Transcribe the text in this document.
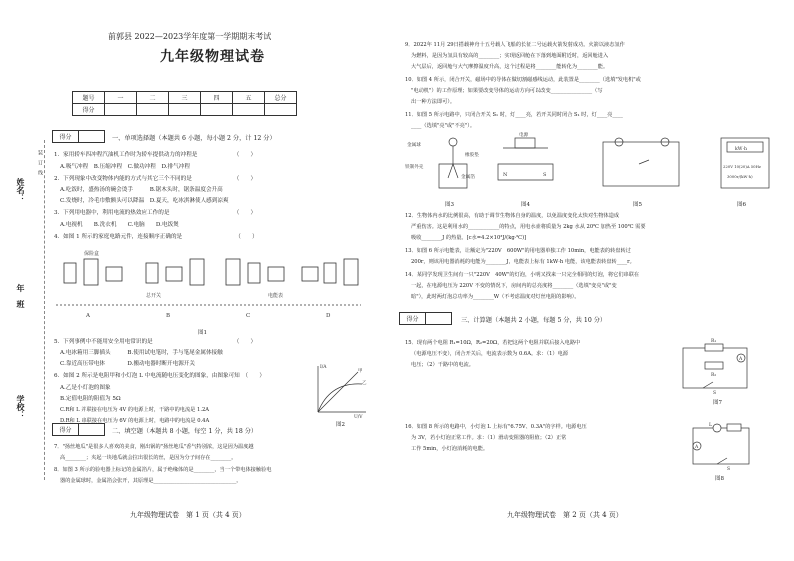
前郭县 2022—2023学年度第一学期期末考试
九年级物理试卷
题号	一	二	三	四	五	总分
得分						
姓名：
年　班
学校：
装　订　线
得分		一、单项选择题（本题共 6 小题，每小题 2 分，计 12 分）
1．家用轿车四冲程汽油机工作时为轿车提供动力的冲程是　　　　　　　（　　）
A.吸气冲程　B.压缩冲程　C.做功冲程　D.排气冲程
2．下列现象中改变物体内能的方式与其它三个不同的是　　　　　　　　（　　）
A.吃饭时，盛热汤的碗会烫手　　　B.锯木头时，锯条温度会升高
C.发烧时，冷毛巾敷额头可以降温　D.夏天，吃冰淇淋使人感到凉爽
3．下列用电器中，利用电流的热效应工作的是　　　　　　　　　　　　（　　）
A.电视机　　B.洗衣机　　C.电脑　　D.电饭煲
4．如图 1 所示的家庭电路元件，连接顺序正确的是　　　　　　　　　　（　　）
保险盒
总开关	电能表
A	B	C	D
图1
5．下列事例中不能用安全用电常识的是　　　　　　　　　　　　　　　（　　）
A.电冰箱用三脚插头　　　B.使用试电笔时，手与笔尾金属体接触
C.靠近高压带电体　　　　D.搬动电器时断开电源开关
6．如图 2 所示是电阻甲和小灯泡 L 中电流随电压变化的图象，由图象可知　（　　）
A.乙是小灯泡的图象
B.定值电阻的阻值为 5Ω
C.R和 L 并联接在电压为 4V 的电源上时，干路中的电流是 1.2A
D.R和 L 串联接在电压为 6V 的电源上时，电路中的电流是 0.4A
I/A
U/V
甲
乙
图2
得分		二、填空题（本题共 8 小题，每空 1 分，共 18 分）
7．"扬丝地瓜"是很多人喜欢的美食，刚出锅的"扬丝地瓜"香气特别浓，这是因为温度越
高________；夹起一块地瓜就会拉出很长的丝，是因为分子间存在________。
8．如图 3 所示的验电器上标记的金属箔片，属于绝缘体的是________，当一个带电体接触验电
器的金属球时，金属箔会张开，其原理是________________________________。
九年级物理试卷　第 1 页（共 4 页）
9．2022年 11月 29日搭载神舟十五号载人飞船的长征二号运载火箭发射成功。火箭以液态氢作
为燃料，是因为氢具有较高的________；实现返回舱在下落到地面附近时，返回舱进入
大气层后，返回舱与大气摩擦温度升高，这个过程是将________能转化为________能。
10．如图 4 所示，闭合开关，磁场中的导体在做切割磁感线运动，此装置是________（选填"发电机"或
"电动机"）的工作原理；如果要改变导体的运动方向可以改变________________（写
出一种方法即可）。
11．如图 5 所示电路中，只闭合开关 S₁ 时，灯____亮，若开关同时闭合 S₁ 时，灯____亮____
____（选填"亮"或"不亮"）。
金属球
橡胶垫
铁制外壳
金属箔
电源
N	S
kW·h
220V 10(20)A 50Hz
3000r/(kW·h)
图3	图4	图5	图6
12．生物体内水的比例很高，有助于调节生物体自身的温度，以免温度变化太快对生物体造成
严重伤害。这是利用水的____________的特点，用电水壶将质量为 2kg 水从 20℃ 加热至 100℃ 需要
吸收________J 的热量。[c水=4.2×10³J/(kg·℃)]
13．如图 6 所示电能表，让额定为"220V　600W"的用电器单独工作 10min，电能表的转盘转过
200r，则该用电器消耗的电能为________J，电能表上标有 1kW·h 电能，该电能表转盘转____r。
14．某同学发现卫生间有一只"220V　40W"的灯泡，小明又找来一只完全相同的灯泡，将它们串联在
一起，在电源电压为 220V 不变的情况下，房间内的总亮度将________（选填"变亮"或"变
暗"），此时两灯泡总功率为________W（不考虑温度对灯丝电阻的影响）。
得分		三、计算题（本题共 2 小题，每题 5 分，共 10 分）
15．现有两个电阻 R₁=10Ω，R₂=20Ω，若把这两个电阻并联后接入电路中
（电源电压不变），闭合开关后，电流表示数为 0.6A。求：（1）电源
电压；（2）干路中的电流。
R₁
R₂
A
S
图7
16．如图 8 所示的电路中，小灯泡 L 上标有"6.75V、0.3A"的字样。电源电压
为 3V，若小灯泡正常工作。求：（1）滑动变阻器的阻值；（2）正常
工作 5min，小灯泡消耗的电能。
L
A
S
图8
九年级物理试卷　第 2 页（共 4 页）
